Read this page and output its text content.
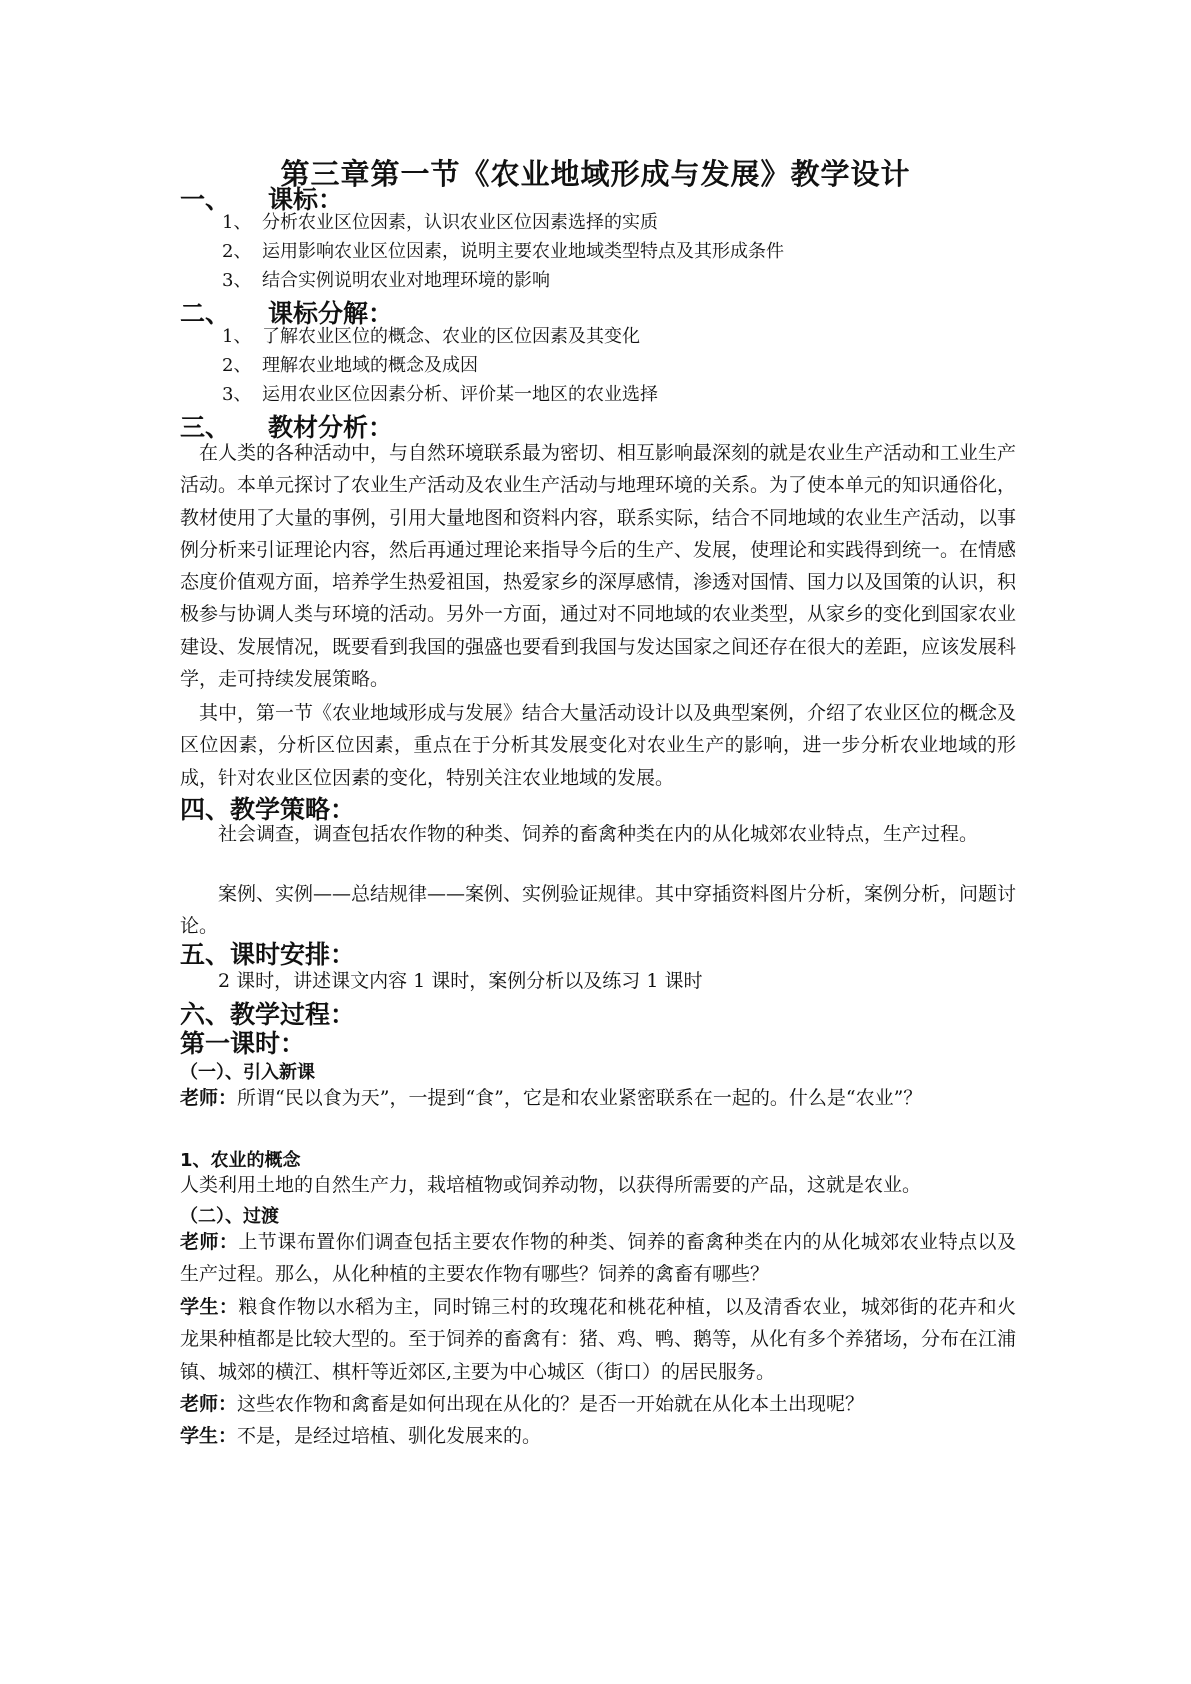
第三章第一节《农业地域形成与发展》教学设计
一、 课标：
1、 分析农业区位因素，认识农业区位因素选择的实质
2、 运用影响农业区位因素，说明主要农业地域类型特点及其形成条件
3、 结合实例说明农业对地理环境的影响
二、 课标分解：
1、 了解农业区位的概念、农业的区位因素及其变化
2、 理解农业地域的概念及成因
3、 运用农业区位因素分析、评价某一地区的农业选择
三、 教材分析：
在人类的各种活动中，与自然环境联系最为密切、相互影响最深刻的就是农业生产活动和工业生产活动。本单元探讨了农业生产活动及农业生产活动与地理环境的关系。为了使本单元的知识通俗化，教材使用了大量的事例，引用大量地图和资料内容，联系实际，结合不同地域的农业生产活动，以事例分析来引证理论内容，然后再通过理论来指导今后的生产、发展，使理论和实践得到统一。在情感态度价值观方面，培养学生热爱祖国，热爱家乡的深厚感情，渗透对国情、国力以及国策的认识，积极参与协调人类与环境的活动。另外一方面，通过对不同地域的农业类型，从家乡的变化到国家农业建设、发展情况，既要看到我国的强盛也要看到我国与发达国家之间还存在很大的差距，应该发展科学，走可持续发展策略。
其中，第一节《农业地域形成与发展》结合大量活动设计以及典型案例，介绍了农业区位的概念及区位因素，分析区位因素，重点在于分析其发展变化对农业生产的影响，进一步分析农业地域的形成，针对农业区位因素的变化，特别关注农业地域的发展。
四、教学策略：
社会调查，调查包括农作物的种类、饲养的畜禽种类在内的从化城郊农业特点，生产过程。
案例、实例——总结规律——案例、实例验证规律。其中穿插资料图片分析，案例分析，问题讨论。
五、课时安排：
2 课时，讲述课文内容 1 课时，案例分析以及练习 1 课时
六、教学过程：
第一课时：
（一）、引入新课
老师：所谓“民以食为天”，一提到“食”，它是和农业紧密联系在一起的。什么是“农业”？
1、农业的概念
人类利用土地的自然生产力，栽培植物或饲养动物，以获得所需要的产品，这就是农业。
（二）、过渡
老师：上节课布置你们调查包括主要农作物的种类、饲养的畜禽种类在内的从化城郊农业特点以及生产过程。那么，从化种植的主要农作物有哪些？饲养的禽畜有哪些？
学生：粮食作物以水稻为主，同时锦三村的玫瑰花和桃花种植，以及清香农业，城郊街的花卉和火龙果种植都是比较大型的。至于饲养的畜禽有：猪、鸡、鸭、鹅等，从化有多个养猪场，分布在江浦镇、城郊的横江、棋杆等近郊区,主要为中心城区（街口）的居民服务。
老师：这些农作物和禽畜是如何出现在从化的？是否一开始就在从化本土出现呢？
学生：不是，是经过培植、驯化发展来的。
